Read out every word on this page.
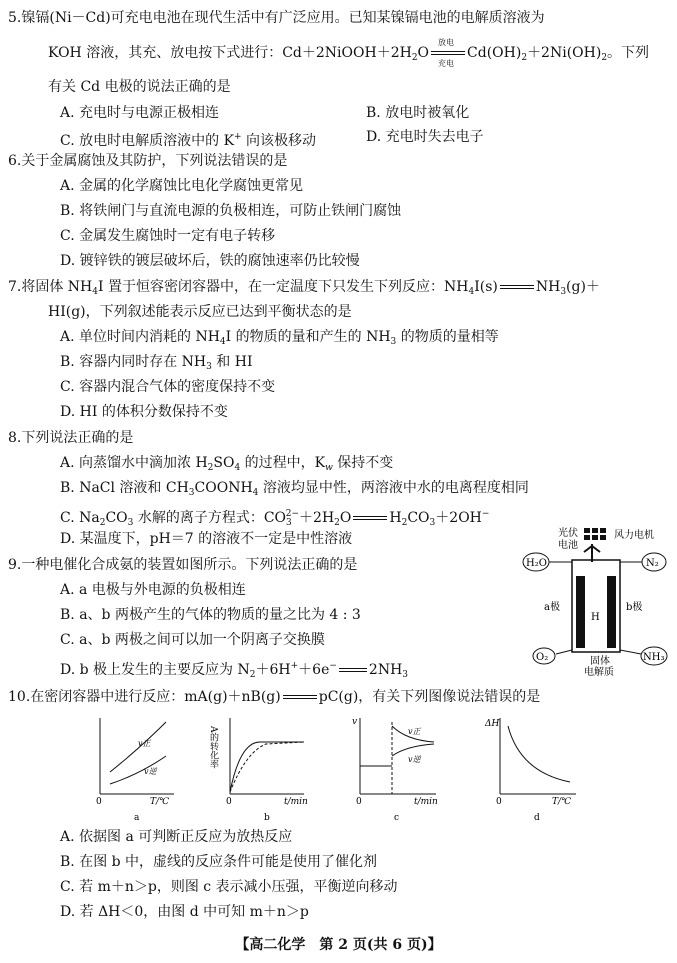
5.镍镉(Ni－Cd)可充电电池在现代生活中有广泛应用。已知某镍镉电池的电解质溶液为
KOH 溶液，其充、放电按下式进行：$Cd+2NiOOH+2H_2O$
放电
充电
$Cd(OH)_2+2Ni(OH)_2$。下列
有关 Cd 电极的说法正确的是
A. 充电时与电源正极相连	B. 放电时被氧化
C. 放电时电解质溶液中的 K+ 向该极移动	D. 充电时失去电子
6.关于金属腐蚀及其防护，下列说法错误的是
A. 金属的化学腐蚀比电化学腐蚀更常见
B. 将铁闸门与直流电源的负极相连，可防止铁闸门腐蚀
C. 金属发生腐蚀时一定有电子转移
D. 镀锌铁的镀层破坏后，铁的腐蚀速率仍比较慢
7.将固体 $NH_4I$ 置于恒容密闭容器中，在一定温度下只发生下列反应：$NH_4I(s)$	$NH_3(g)+$
HI(g)，下列叙述能表示反应已达到平衡状态的是
A. 单位时间内消耗的 $NH_4I$ 的物质的量和产生的 $NH_3$ 的物质的量相等
B. 容器内同时存在 $NH_3$ 和 HI
C. 容器内混合气体的密度保持不变
D. HI 的体积分数保持不变
8.下列说法正确的是
A. 向蒸馏水中滴加浓 $H_2SO_4$ 的过程中，$K_w$ 保持不变
B. NaCl 溶液和 $CH_3COONH_4$ 溶液均显中性，两溶液中水的电离程度相同
C. $Na_2CO_3$ 水解的离子方程式：$CO_3^{2-}+2H_2O$	$H_2CO_3+2OH^-$
D. 某温度下，pH＝7 的溶液不一定是中性溶液
9.一种电催化合成氨的装置如图所示。下列说法正确的是
A. a 电极与外电源的负极相连
B. a、b 两极产生的气体的物质的量之比为 4 : 3
C. a、b 两极之间可以加一个阴离子交换膜
D. b 极上发生的主要反应为 $N_2+6H^++6e^-$ $2NH_3$
光伏
电池
风力电机
H₂O	N₂
H
a极	b极
固体
电解质
O₂	NH₃
10.在密闭容器中进行反应：mA(g)＋nB(g)	pC(g)，有关下列图像说法错误的是
v正
v逆
0	T/℃
a
A的转化率
0	t/min
b
v
v正
v逆
0	t/min
c
ΔH
0	T/℃
d
A. 依据图 a 可判断正反应为放热反应
B. 在图 b 中，虚线的反应条件可能是使用了催化剂
C. 若 m＋n＞p，则图 c 表示减小压强，平衡逆向移动
D. 若 ΔH＜0，由图 d 中可知 m＋n＞p
【高二化学　第 2 页(共 6 页)】
